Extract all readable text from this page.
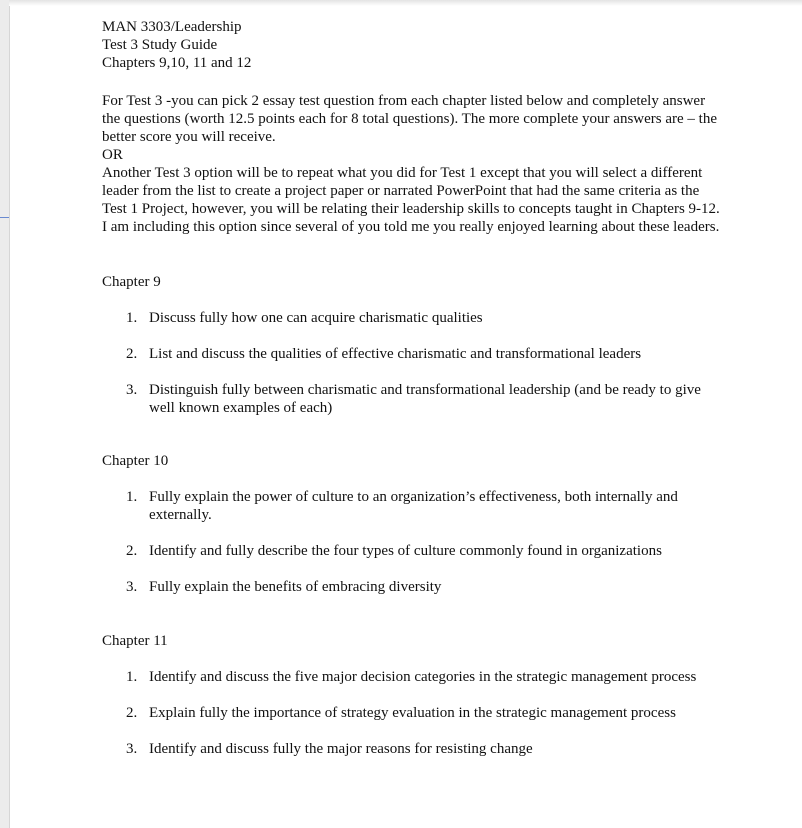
MAN 3303/Leadership
Test 3 Study Guide
Chapters 9,10, 11 and 12

For Test 3 -you can pick 2 essay test question from each chapter listed below and completely answer the questions (worth 12.5 points each for 8 total questions). The more complete your answers are – the better score you will receive.

OR

Another Test 3 option will be to repeat what you did for Test 1 except that you will select a different leader from the list to create a project paper or narrated PowerPoint that had the same criteria as the Test 1 Project, however, you will be relating their leadership skills to concepts taught in Chapters 9-12. I am including this option since several of you told me you really enjoyed learning about these leaders.

Chapter 9
1. Discuss fully how one can acquire charismatic qualities
2. List and discuss the qualities of effective charismatic and transformational leaders
3. Distinguish fully between charismatic and transformational leadership (and be ready to give well known examples of each)
Chapter 10
1. Fully explain the power of culture to an organization’s effectiveness, both internally and externally.
2. Identify and fully describe the four types of culture commonly found in organizations
3. Fully explain the benefits of embracing diversity
Chapter 11
1. Identify and discuss the five major decision categories in the strategic management process
2. Explain fully the importance of strategy evaluation in the strategic management process
3. Identify and discuss fully the major reasons for resisting change
